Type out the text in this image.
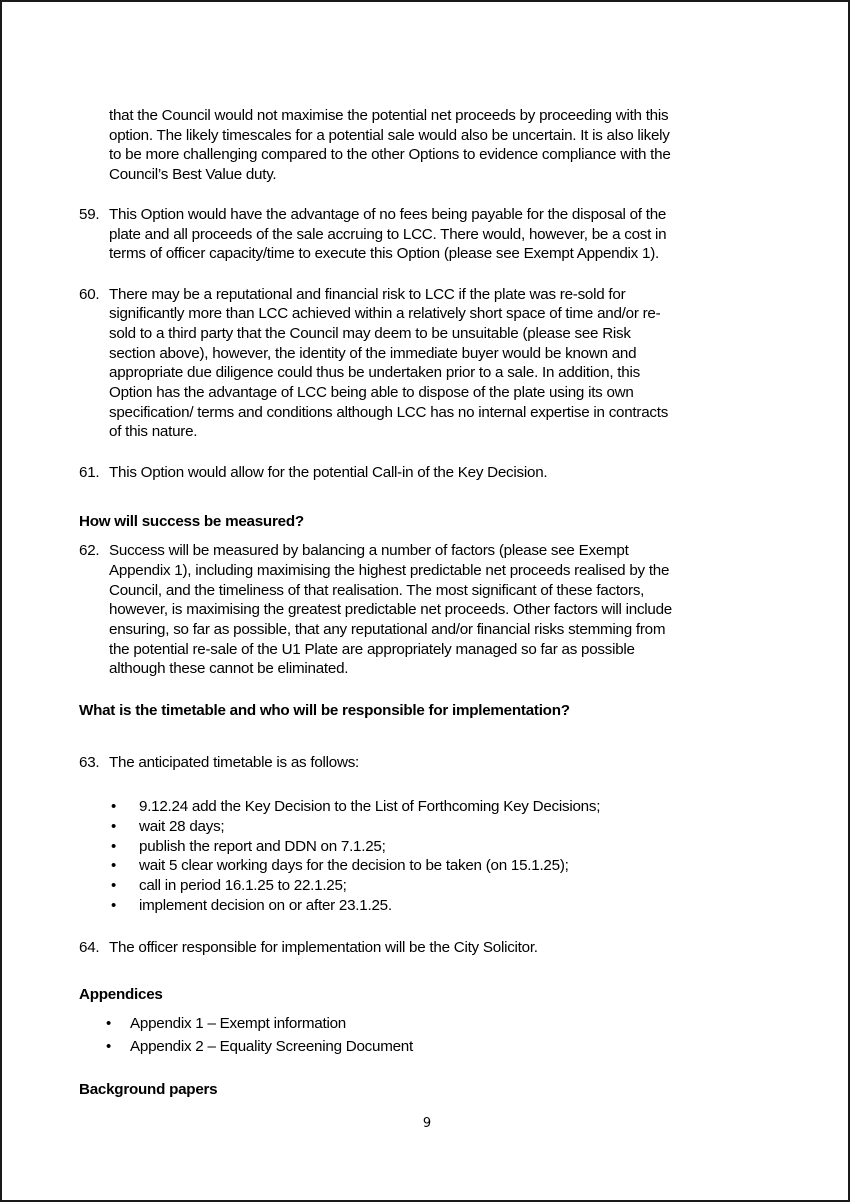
that the Council would not maximise the potential net proceeds by proceeding with this
option. The likely timescales for a potential sale would also be uncertain. It is also likely
to be more challenging compared to the other Options to evidence compliance with the
Council’s Best Value duty.
59. This Option would have the advantage of no fees being payable for the disposal of the
plate and all proceeds of the sale accruing to LCC. There would, however, be a cost in
terms of officer capacity/time to execute this Option (please see Exempt Appendix 1).
60. There may be a reputational and financial risk to LCC if the plate was re-sold for
significantly more than LCC achieved within a relatively short space of time and/or re-
sold to a third party that the Council may deem to be unsuitable (please see Risk
section above), however, the identity of the immediate buyer would be known and
appropriate due diligence could thus be undertaken prior to a sale. In addition, this
Option has the advantage of LCC being able to dispose of the plate using its own
specification/ terms and conditions although LCC has no internal expertise in contracts
of this nature.
61. This Option would allow for the potential Call-in of the Key Decision.
How will success be measured?
62. Success will be measured by balancing a number of factors (please see Exempt
Appendix 1), including maximising the highest predictable net proceeds realised by the
Council, and the timeliness of that realisation. The most significant of these factors,
however, is maximising the greatest predictable net proceeds. Other factors will include
ensuring, so far as possible, that any reputational and/or financial risks stemming from
the potential re-sale of the U1 Plate are appropriately managed so far as possible
although these cannot be eliminated.
What is the timetable and who will be responsible for implementation?
63. The anticipated timetable is as follows:
• 9.12.24 add the Key Decision to the List of Forthcoming Key Decisions;
• wait 28 days;
• publish the report and DDN on 7.1.25;
• wait 5 clear working days for the decision to be taken (on 15.1.25);
• call in period 16.1.25 to 22.1.25;
• implement decision on or after 23.1.25.
64. The officer responsible for implementation will be the City Solicitor.
Appendices
• Appendix 1 – Exempt information
• Appendix 2 – Equality Screening Document
Background papers
9
